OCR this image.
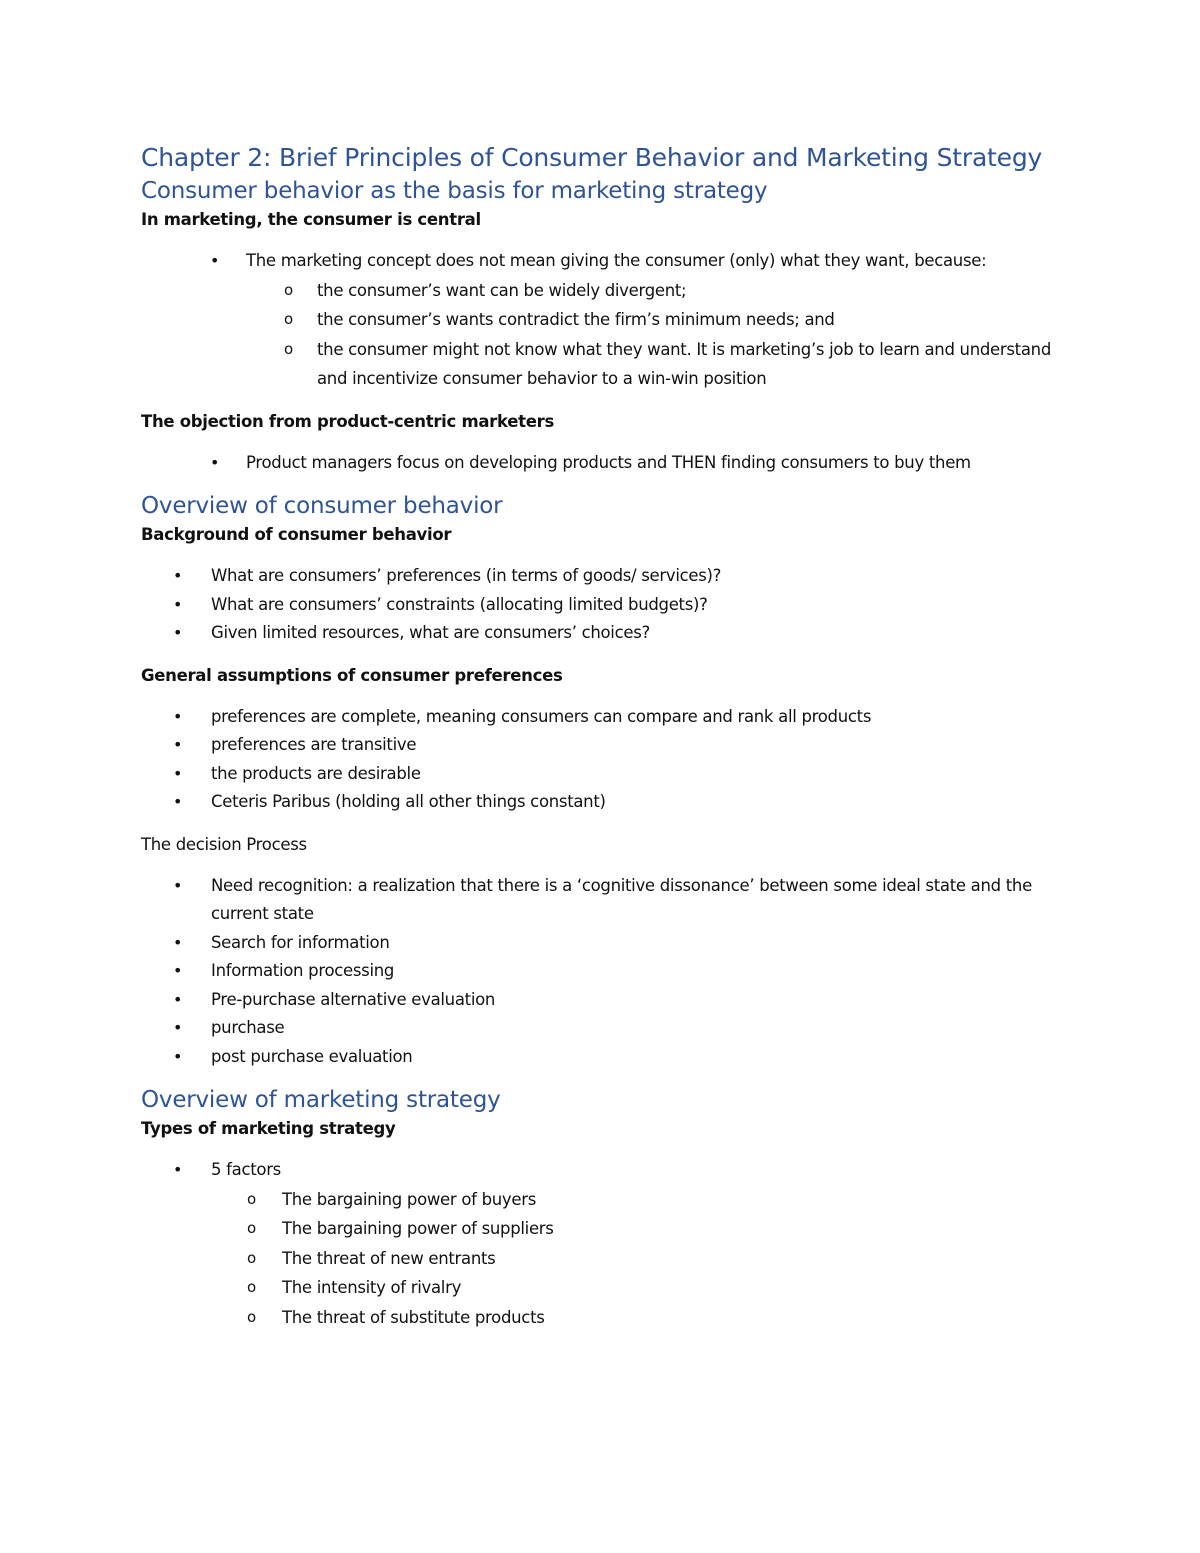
Chapter 2: Brief Principles of Consumer Behavior and Marketing Strategy
Consumer behavior as the basis for marketing strategy
In marketing, the consumer is central
• The marketing concept does not mean giving the consumer (only) what they want, because:
o the consumer’s want can be widely divergent;
o the consumer’s wants contradict the firm’s minimum needs; and
o the consumer might not know what they want. It is marketing’s job to learn and understand and incentivize consumer behavior to a win-win position
The objection from product-centric marketers
• Product managers focus on developing products and THEN finding consumers to buy them
Overview of consumer behavior
Background of consumer behavior
• What are consumers’ preferences (in terms of goods/ services)?
• What are consumers’ constraints (allocating limited budgets)?
• Given limited resources, what are consumers’ choices?
General assumptions of consumer preferences
• preferences are complete, meaning consumers can compare and rank all products
• preferences are transitive
• the products are desirable
• Ceteris Paribus (holding all other things constant)
The decision Process
• Need recognition: a realization that there is a ‘cognitive dissonance’ between some ideal state and the current state
• Search for information
• Information processing
• Pre-purchase alternative evaluation
• purchase
• post purchase evaluation
Overview of marketing strategy
Types of marketing strategy
• 5 factors
o The bargaining power of buyers
o The bargaining power of suppliers
o The threat of new entrants
o The intensity of rivalry
o The threat of substitute products
